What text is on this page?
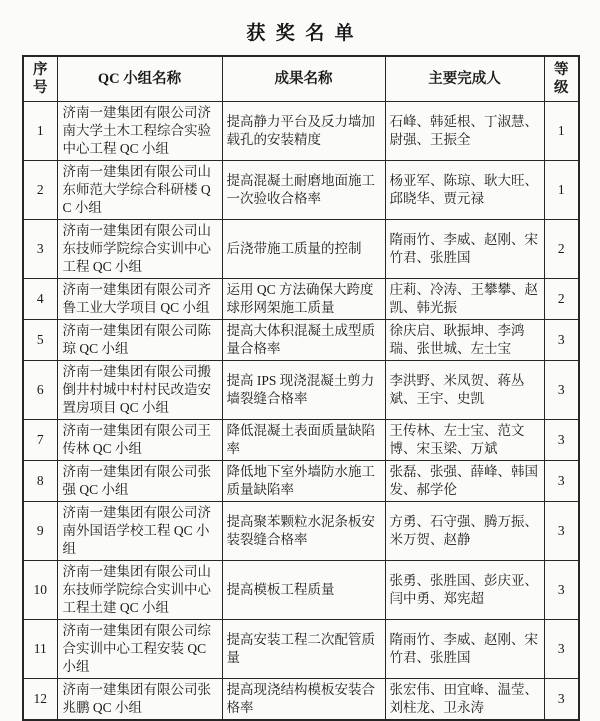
获奖名单
序号	QC 小组名称	成果名称	主要完成人	等级
1	济南一建集团有限公司济南大学土木工程综合实验中心工程 QC 小组	提高静力平台及反力墙加载孔的安装精度	石峰、韩延根、丁淑慧、尉强、王振全	1
2	济南一建集团有限公司山东师范大学综合科研楼 QC 小组	提高混凝土耐磨地面施工一次验收合格率	杨亚军、陈琼、耿大旺、邱晓华、贾元禄	1
3	济南一建集团有限公司山东技师学院综合实训中心工程 QC 小组	后浇带施工质量的控制	隋雨竹、李威、赵刚、宋竹君、张胜国	2
4	济南一建集团有限公司齐鲁工业大学项目 QC 小组	运用 QC 方法确保大跨度球形网架施工质量	庄莉、冷涛、王攀攀、赵凯、韩光振	2
5	济南一建集团有限公司陈琼 QC 小组	提高大体积混凝土成型质量合格率	徐庆启、耿振坤、李鸿瑞、张世城、左士宝	3
6	济南一建集团有限公司搬倒井村城中村村民改造安置房项目 QC 小组	提高 IPS 现浇混凝土剪力墙裂缝合格率	李洪野、米凤贺、蒋丛斌、王宇、史凯	3
7	济南一建集团有限公司王传林 QC 小组	降低混凝土表面质量缺陷率	王传林、左士宝、范文博、宋玉梁、万斌	3
8	济南一建集团有限公司张强 QC 小组	降低地下室外墙防水施工质量缺陷率	张磊、张强、薛峰、韩国发、郝学伦	3
9	济南一建集团有限公司济南外国语学校工程 QC 小组	提高聚苯颗粒水泥条板安装裂缝合格率	方勇、石守强、腾万振、米万贺、赵静	3
10	济南一建集团有限公司山东技师学院综合实训中心工程土建 QC 小组	提高模板工程质量	张勇、张胜国、彭庆亚、闫中勇、郑宪超	3
11	济南一建集团有限公司综合实训中心工程安装 QC 小组	提高安装工程二次配管质量	隋雨竹、李威、赵刚、宋竹君、张胜国	3
12	济南一建集团有限公司张兆鹏 QC 小组	提高现浇结构模板安装合格率	张宏伟、田宜峰、温莹、刘柱龙、卫永涛	3
